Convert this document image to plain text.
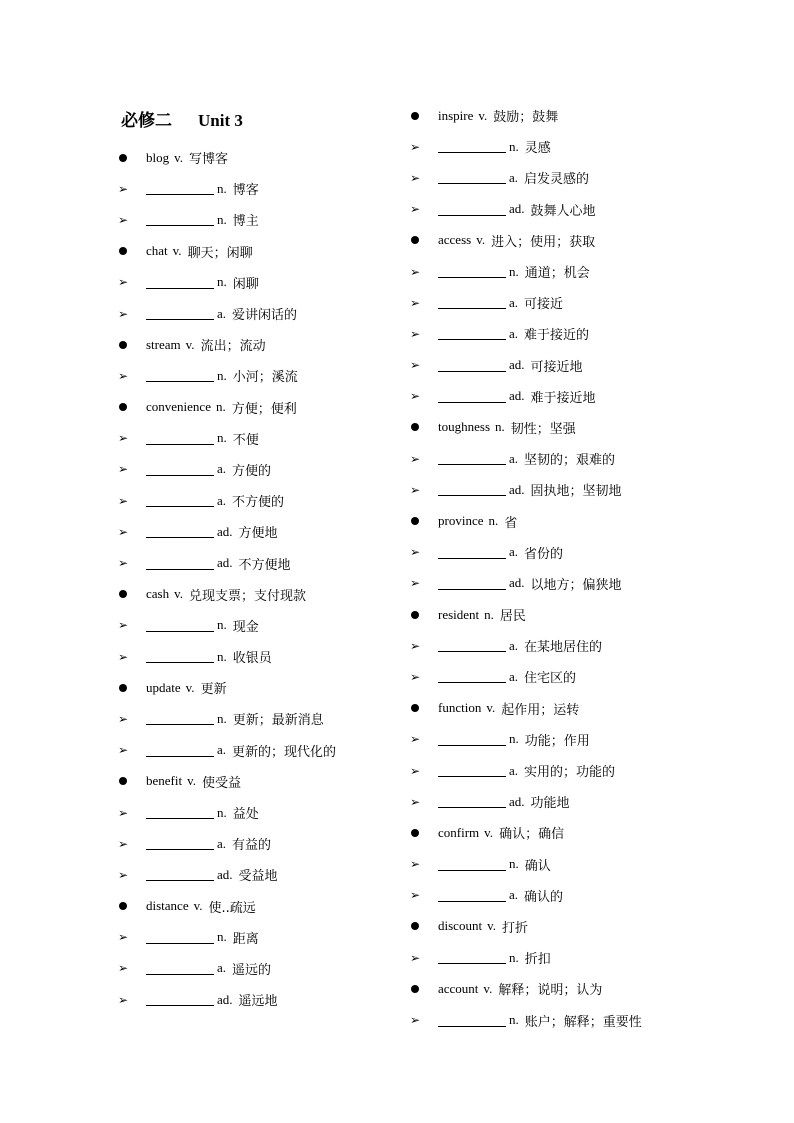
必修二 Unit 3
blog v. 写博客
➢	n. 博客
➢	n. 博主
chat v. 聊天；闲聊
➢	n. 闲聊
➢	a. 爱讲闲话的
stream v. 流出；流动
➢	n. 小河；溪流
convenience n. 方便；便利
➢	n. 不便
➢	a. 方便的
➢	a. 不方便的
➢	ad. 方便地
➢	ad. 不方便地
cash v. 兑现支票；支付现款
➢	n. 现金
➢	n. 收银员
update v. 更新
➢	n. 更新；最新消息
➢	a. 更新的；现代化的
benefit v. 使受益
➢	n. 益处
➢	a. 有益的
➢	ad. 受益地
distance v. 使..疏远
➢	n. 距离
➢	a. 遥远的
➢	ad. 遥远地
inspire v. 鼓励；鼓舞
➢	n. 灵感
➢	a. 启发灵感的
➢	ad. 鼓舞人心地
access v. 进入；使用；获取
➢	n. 通道；机会
➢	a. 可接近
➢	a. 难于接近的
➢	ad. 可接近地
➢	ad. 难于接近地
toughness n. 韧性；坚强
➢	a. 坚韧的；艰难的
➢	ad. 固执地；坚韧地
province n. 省
➢	a. 省份的
➢	ad. 以地方；偏狭地
resident n. 居民
➢	a. 在某地居住的
➢	a. 住宅区的
function v. 起作用；运转
➢	n. 功能；作用
➢	a. 实用的；功能的
➢	ad. 功能地
confirm v. 确认；确信
➢	n. 确认
➢	a. 确认的
discount v. 打折
➢	n. 折扣
account v. 解释；说明；认为
➢	n. 账户；解释；重要性
